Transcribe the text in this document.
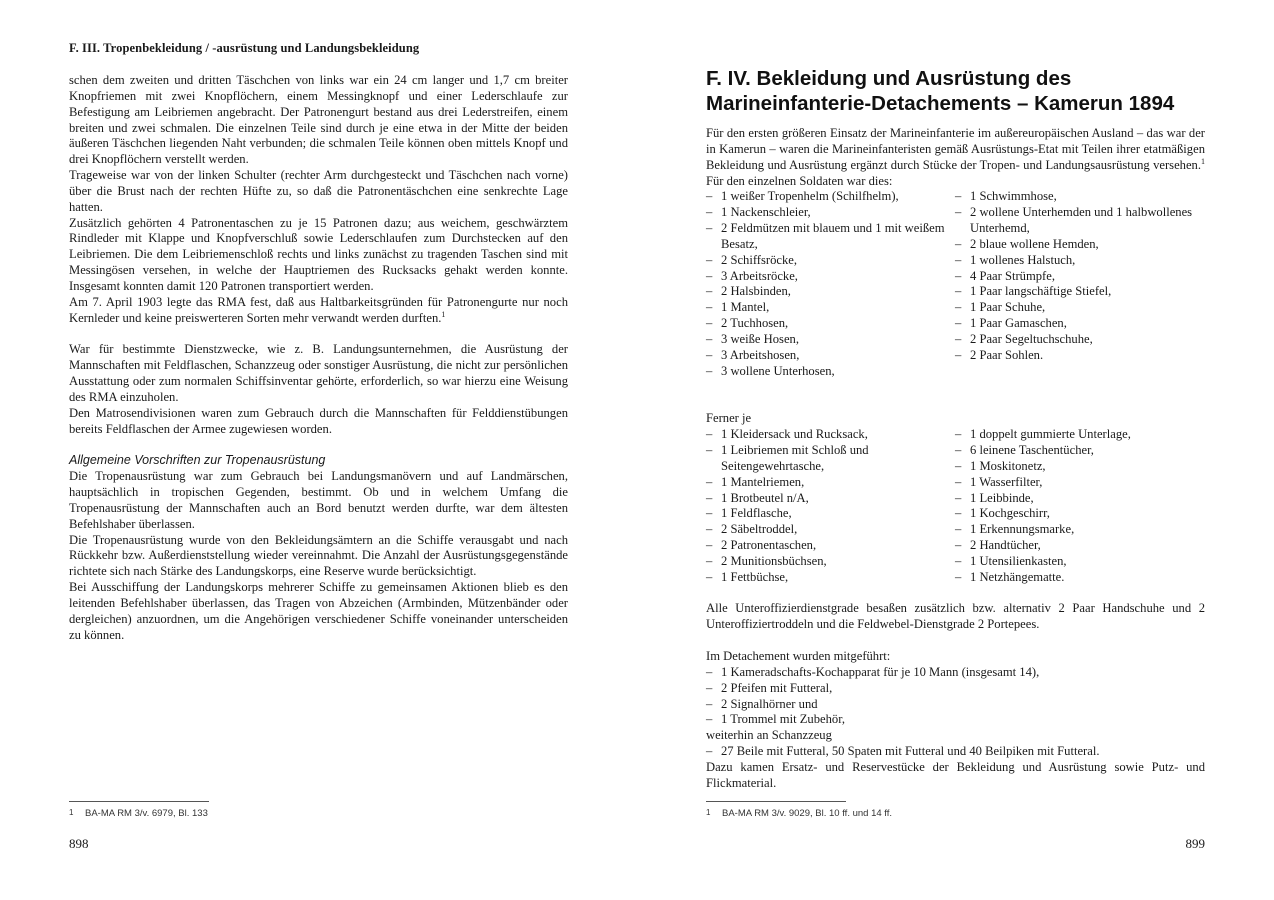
F. III. Tropenbekleidung / -ausrüstung und Landungsbekleidung

schen dem zweiten und dritten Täschchen von links war ein 24 cm langer und 1,7 cm breiter Knopfriemen mit zwei Knopflöchern, einem Messingknopf und einer Lederschlaufe zur Befestigung am Leibriemen angebracht. Der Patronengurt bestand aus drei Lederstreifen, einem breiten und zwei schmalen. Die einzelnen Teile sind durch je eine etwa in der Mitte der beiden äußeren Täschchen liegenden Naht verbunden; die schmalen Teile können oben mittels Knopf und drei Knopflöchern verstellt werden.

Trageweise war von der linken Schulter (rechter Arm durchgesteckt und Täschchen nach vorne) über die Brust nach der rechten Hüfte zu, so daß die Patronentäschchen eine senkrechte Lage hatten.

Zusätzlich gehörten 4 Patronentaschen zu je 15 Patronen dazu; aus weichem, geschwärztem Rindleder mit Klappe und Knopfverschluß sowie Lederschlaufen zum Durchstecken auf den Leibriemen. Die dem Leibriemenschloß rechts und links zunächst zu tragenden Taschen sind mit Messingösen versehen, in welche der Hauptriemen des Rucksacks gehakt werden konnte. Insgesamt konnten damit 120 Patronen transportiert werden.

Am 7. April 1903 legte das RMA fest, daß aus Haltbarkeitsgründen für Patronengurte nur noch Kernleder und keine preiswerteren Sorten mehr verwandt werden durften.$^1$

War für bestimmte Dienstzwecke, wie z. B. Landungsunternehmen, die Ausrüstung der Mannschaften mit Feldflaschen, Schanzzeug oder sonstiger Ausrüstung, die nicht zur persönlichen Ausstattung oder zum normalen Schiffsinventar gehörte, erforderlich, so war hierzu eine Weisung des RMA einzuholen.

Den Matrosendivisionen waren zum Gebrauch durch die Mannschaften für Felddienstübungen bereits Feldflaschen der Armee zugewiesen worden.

Allgemeine Vorschriften zur Tropenausrüstung

Die Tropenausrüstung war zum Gebrauch bei Landungsmanövern und auf Landmärschen, hauptsächlich in tropischen Gegenden, bestimmt. Ob und in welchem Umfang die Tropenausrüstung der Mannschaften auch an Bord benutzt werden durfte, war dem ältesten Befehlshaber überlassen.

Die Tropenausrüstung wurde von den Bekleidungsämtern an die Schiffe verausgabt und nach Rückkehr bzw. Außerdienststellung wieder vereinnahmt. Die Anzahl der Ausrüstungsgegenstände richtete sich nach Stärke des Landungskorps, eine Reserve wurde berücksichtigt.

Bei Ausschiffung der Landungskorps mehrerer Schiffe zu gemeinsamen Aktionen blieb es den leitenden Befehlshaber überlassen, das Tragen von Abzeichen (Armbinden, Mützenbänder oder dergleichen) anzuordnen, um die Angehörigen verschiedener Schiffe voneinander unterscheiden zu können.

1 BA-MA RM 3/v. 6979, Bl. 133
898
F. IV. Bekleidung und Ausrüstung des Marineinfanterie-Detachements – Kamerun 1894

Für den ersten größeren Einsatz der Marineinfanterie im außereuropäischen Ausland – das war der in Kamerun – waren die Marineinfanteristen gemäß Ausrüstungs-Etat mit Teilen ihrer etatmäßigen Bekleidung und Ausrüstung ergänzt durch Stücke der Tropen- und Landungsausrüstung versehen.$^1$ Für den einzelnen Soldaten war dies:

– 1 weißer Tropenhelm (Schilfhelm),
– 1 Nackenschleier,
– 2 Feldmützen mit blauem und 1 mit weißem Besatz,
– 2 Schiffsröcke,
– 3 Arbeitsröcke,
– 2 Halsbinden,
– 1 Mantel,
– 2 Tuchhosen,
– 3 weiße Hosen,
– 3 Arbeitshosen,
– 3 wollene Unterhosen,
– 1 Schwimmhose,
– 2 wollene Unterhemden und 1 halbwollenes Unterhemd,
– 2 blaue wollene Hemden,
– 1 wollenes Halstuch,
– 4 Paar Strümpfe,
– 1 Paar langschäftige Stiefel,
– 1 Paar Schuhe,
– 1 Paar Gamaschen,
– 2 Paar Segeltuchschuhe,
– 2 Paar Sohlen.

Ferner je

– 1 Kleidersack und Rucksack,
– 1 Leibriemen mit Schloß und Seitengewehrtasche,
– 1 Mantelriemen,
– 1 Brotbeutel n/A,
– 1 Feldflasche,
– 2 Säbeltroddel,
– 2 Patronentaschen,
– 2 Munitionsbüchsen,
– 1 Fettbüchse,
– 1 doppelt gummierte Unterlage,
– 6 leinene Taschentücher,
– 1 Moskitonetz,
– 1 Wasserfilter,
– 1 Leibbinde,
– 1 Kochgeschirr,
– 1 Erkennungsmarke,
– 2 Handtücher,
– 1 Utensilienkasten,
– 1 Netzhängematte.

Alle Unteroffizierdienstgrade besaßen zusätzlich bzw. alternativ 2 Paar Handschuhe und 2 Unteroffiziertroddeln und die Feldwebel-Dienstgrade 2 Portepees.

Im Detachement wurden mitgeführt:

– 1 Kameradschafts-Kochapparat für je 10 Mann (insgesamt 14),
– 2 Pfeifen mit Futteral,
– 2 Signalhörner und
– 1 Trommel mit Zubehör,

weiterhin an Schanzzeug

– 27 Beile mit Futteral, 50 Spaten mit Futteral und 40 Beilpiken mit Futteral.

Dazu kamen Ersatz- und Reservestücke der Bekleidung und Ausrüstung sowie Putz- und Flickmaterial.

1 BA-MA RM 3/v. 9029, Bl. 10 ff. und 14 ff.
899
